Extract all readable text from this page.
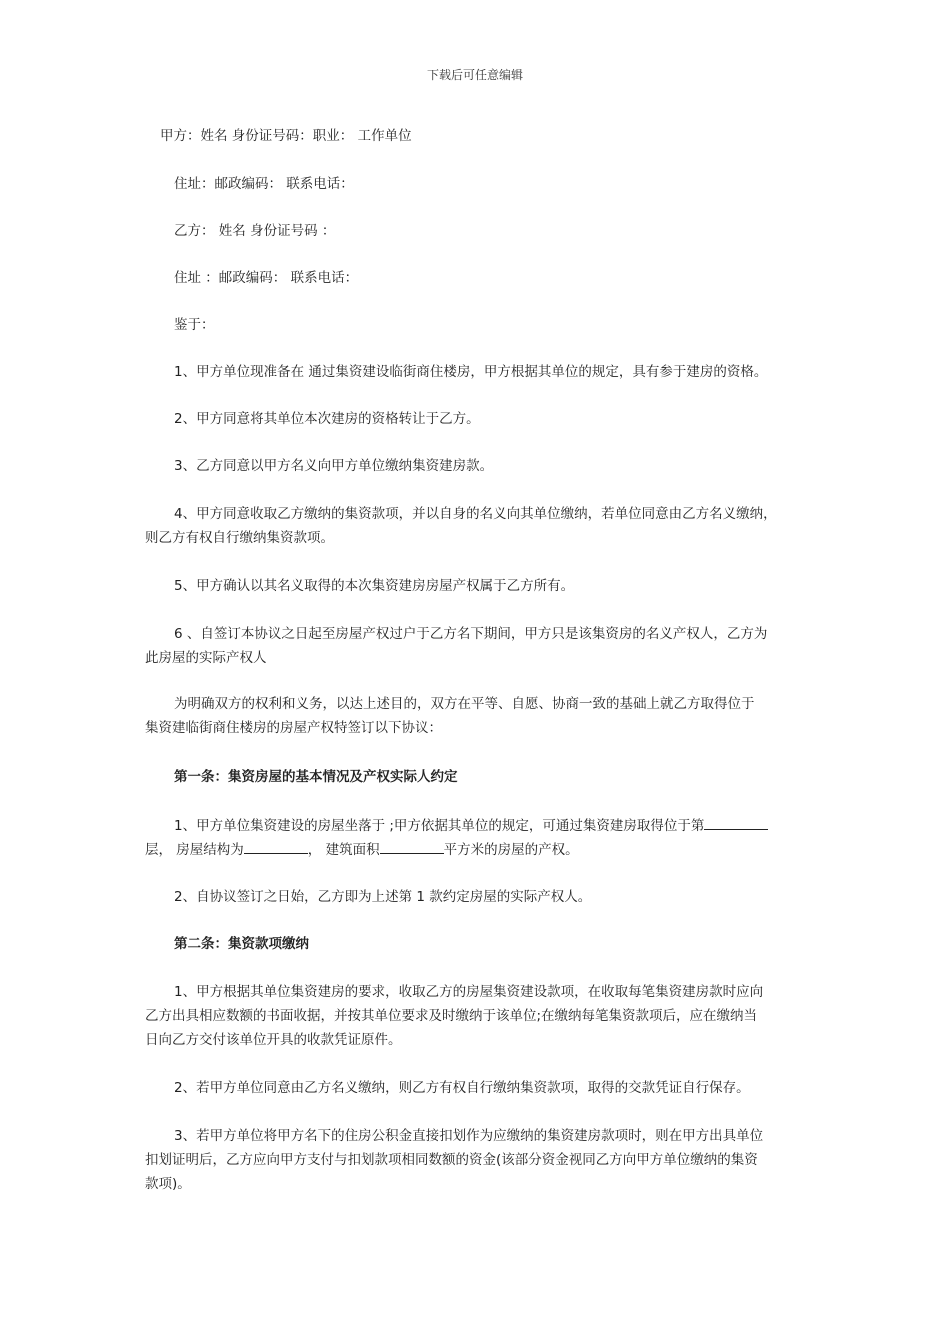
下载后可任意编辑
甲方：姓名 身份证号码：职业： 工作单位
住址：邮政编码： 联系电话：
乙方： 姓名 身份证号码 ：
住址 ：邮政编码： 联系电话：
鉴于：
1、甲方单位现准备在 通过集资建设临街商住楼房，甲方根据其单位的规定，具有参于建房的资格。
2、甲方同意将其单位本次建房的资格转让于乙方。
3、乙方同意以甲方名义向甲方单位缴纳集资建房款。
4、甲方同意收取乙方缴纳的集资款项，并以自身的名义向其单位缴纳，若单位同意由乙方名义缴纳，
则乙方有权自行缴纳集资款项。
5、甲方确认以其名义取得的本次集资建房房屋产权属于乙方所有。
6 、自签订本协议之日起至房屋产权过户于乙方名下期间，甲方只是该集资房的名义产权人，乙方为
此房屋的实际产权人
为明确双方的权利和义务，以达上述目的，双方在平等、自愿、协商一致的基础上就乙方取得位于
集资建临街商住楼房的房屋产权特签订以下协议：
第一条：集资房屋的基本情况及产权实际人约定
1、甲方单位集资建设的房屋坐落于 ;甲方依据其单位的规定，可通过集资建房取得位于第
层， 房屋结构为	， 建筑面积	平方米的房屋的产权。
2、自协议签订之日始，乙方即为上述第 1 款约定房屋的实际产权人。
第二条：集资款项缴纳
1、甲方根据其单位集资建房的要求，收取乙方的房屋集资建设款项，在收取每笔集资建房款时应向
乙方出具相应数额的书面收据，并按其单位要求及时缴纳于该单位;在缴纳每笔集资款项后，应在缴纳当
日向乙方交付该单位开具的收款凭证原件。
2、若甲方单位同意由乙方名义缴纳，则乙方有权自行缴纳集资款项，取得的交款凭证自行保存。
3、若甲方单位将甲方名下的住房公积金直接扣划作为应缴纳的集资建房款项时，则在甲方出具单位
扣划证明后，乙方应向甲方支付与扣划款项相同数额的资金(该部分资金视同乙方向甲方单位缴纳的集资
款项)。
